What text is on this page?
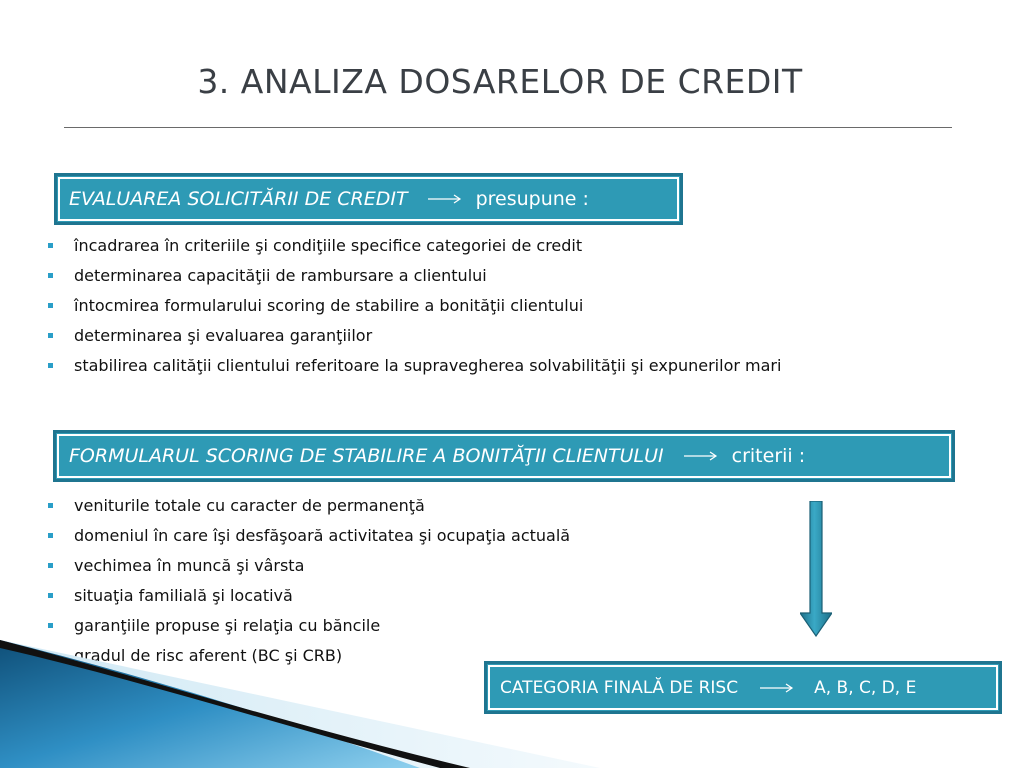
3. ANALIZA DOSARELOR DE CREDIT
EVALUAREA SOLICITĂRII DE CREDIT	presupune :
încadrarea în criteriile şi condiţiile specifice categoriei de credit
determinarea capacităţii de rambursare a clientului
întocmirea formularului scoring de stabilire a bonităţii clientului
determinarea şi evaluarea garanţiilor
stabilirea calităţii clientului referitoare la supravegherea solvabilităţii şi expunerilor mari
FORMULARUL SCORING DE STABILIRE A BONITĂŢII CLIENTULUI	criterii :
veniturile totale cu caracter de permanenţă
domeniul în care îşi desfăşoară activitatea şi ocupaţia actuală
vechimea în muncă şi vârsta
situaţia familială şi locativă
garanţiile propuse şi relaţia cu băncile
gradul de risc aferent (BC şi CRB)
CATEGORIA FINALĂ DE RISC	A, B, C, D, E
